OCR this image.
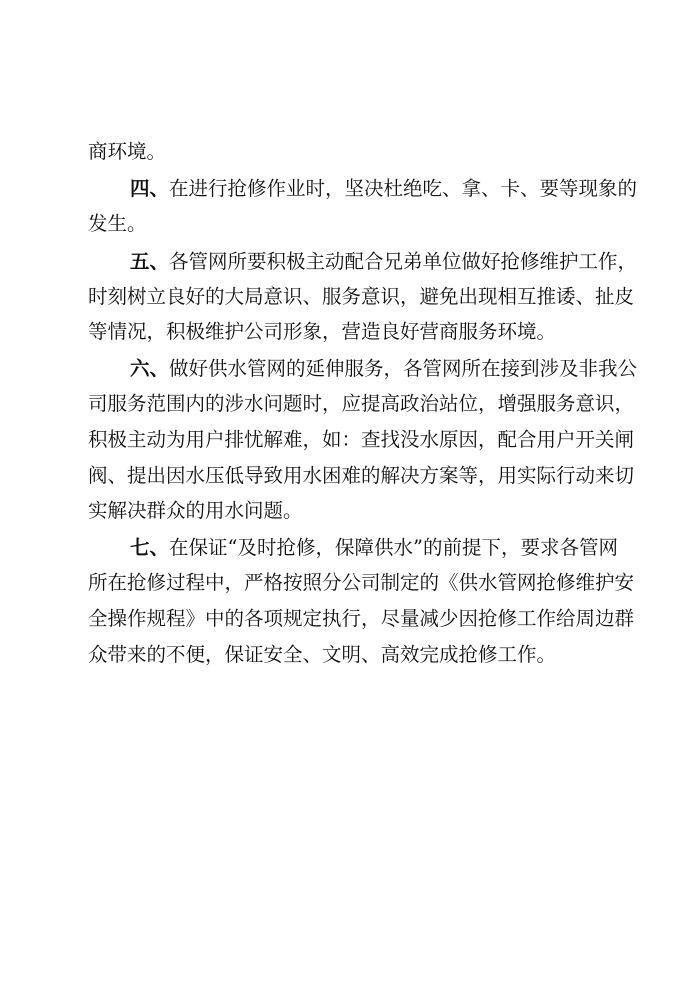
商环境。
四、 在进行抢修作业时，坚决杜绝吃、拿、卡、要等现象的
发生。
五、 各管网所要积极主动配合兄弟单位做好抢修维护工作，
时刻树立良好的大局意识、服务意识，避免出现相互推诿、扯皮
等情况，积极维护公司形象，营造良好营商服务环境。
六、 做好供水管网的延伸服务，各管网所在接到涉及非我公
司服务范围内的涉水问题时，应提高政治站位，增强服务意识，
积极主动为用户排忧解难，如：查找没水原因，配合用户开关闸
阀、提出因水压低导致用水困难的解决方案等，用实际行动来切
实解决群众的用水问题。
七、 在保证“及时抢修，保障供水”的前提下，要求各管网
所在抢修过程中，严格按照分公司制定的《供水管网抢修维护安
全操作规程》中的各项规定执行，尽量减少因抢修工作给周边群
众带来的不便，保证安全、文明、高效完成抢修工作。
